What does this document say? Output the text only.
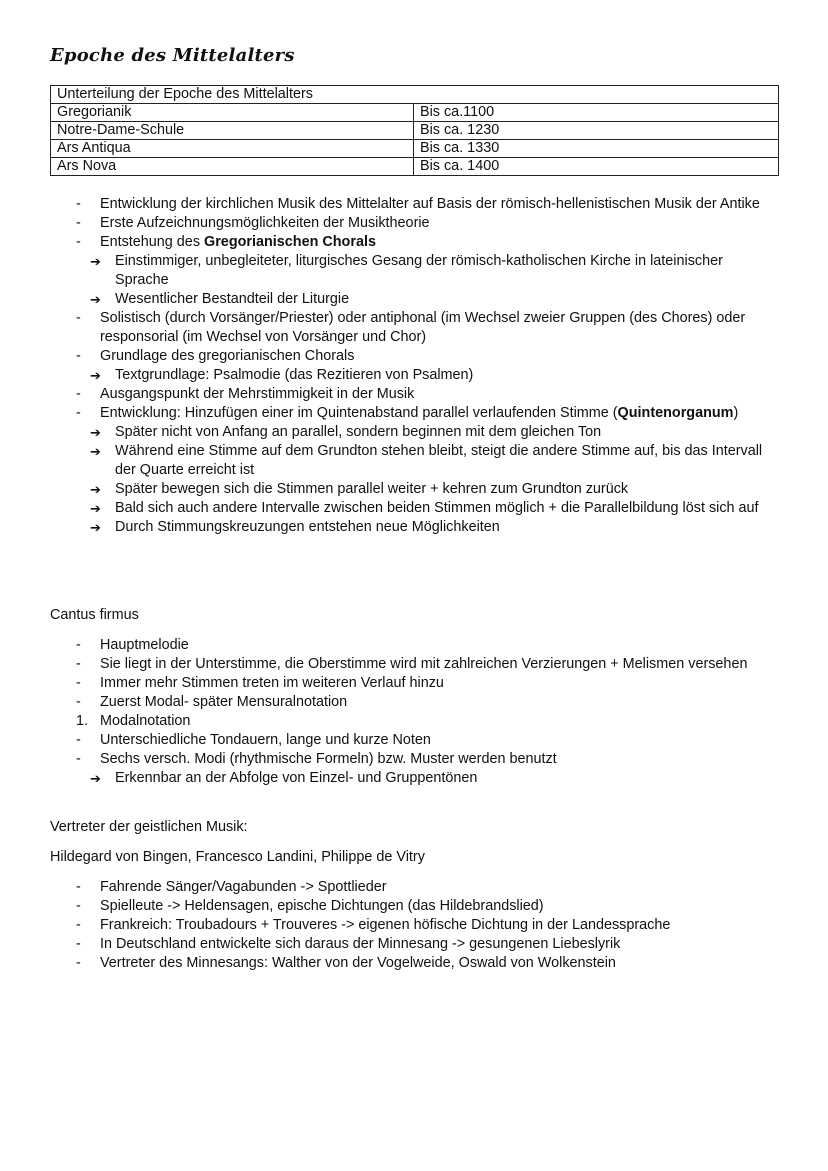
Epoche des Mittelalters
Unterteilung der Epoche des Mittelalters	
Gregorianik	Bis ca.1100
Notre-Dame-Schule	Bis ca. 1230
Ars Antiqua	Bis ca. 1330
Ars Nova	Bis ca. 1400
- Entwicklung der kirchlichen Musik des Mittelalter auf Basis der römisch-hellenistischen Musik der Antike
- Erste Aufzeichnungsmöglichkeiten der Musiktheorie
- Entstehung des Gregorianischen Chorals
➔ Einstimmiger, unbegleiteter, liturgisches Gesang der römisch-katholischen Kirche in lateinischer Sprache
➔ Wesentlicher Bestandteil der Liturgie
- Solistisch (durch Vorsänger/Priester) oder antiphonal (im Wechsel zweier Gruppen (des Chores) oder responsorial (im Wechsel von Vorsänger und Chor)
- Grundlage des gregorianischen Chorals
➔ Textgrundlage: Psalmodie (das Rezitieren von Psalmen)
- Ausgangspunkt der Mehrstimmigkeit in der Musik
- Entwicklung: Hinzufügen einer im Quintenabstand parallel verlaufenden Stimme (Quintenorganum)
➔ Später nicht von Anfang an parallel, sondern beginnen mit dem gleichen Ton
➔ Während eine Stimme auf dem Grundton stehen bleibt, steigt die andere Stimme auf, bis das Intervall der Quarte erreicht ist
➔ Später bewegen sich die Stimmen parallel weiter + kehren zum Grundton zurück
➔ Bald sich auch andere Intervalle zwischen beiden Stimmen möglich + die Parallelbildung löst sich auf
➔ Durch Stimmungskreuzungen entstehen neue Möglichkeiten
Cantus firmus
- Hauptmelodie
- Sie liegt in der Unterstimme, die Oberstimme wird mit zahlreichen Verzierungen + Melismen versehen
- Immer mehr Stimmen treten im weiteren Verlauf hinzu
- Zuerst Modal- später Mensuralnotation
1. Modalnotation
- Unterschiedliche Tondauern, lange und kurze Noten
- Sechs versch. Modi (rhythmische Formeln) bzw. Muster werden benutzt
➔ Erkennbar an der Abfolge von Einzel- und Gruppentönen
Vertreter der geistlichen Musik:
Hildegard von Bingen, Francesco Landini, Philippe de Vitry
- Fahrende Sänger/Vagabunden -> Spottlieder
- Spielleute -> Heldensagen, epische Dichtungen (das Hildebrandslied)
- Frankreich: Troubadours + Trouveres -> eigenen höfische Dichtung in der Landessprache
- In Deutschland entwickelte sich daraus der Minnesang -> gesungenen Liebeslyrik
- Vertreter des Minnesangs: Walther von der Vogelweide, Oswald von Wolkenstein
